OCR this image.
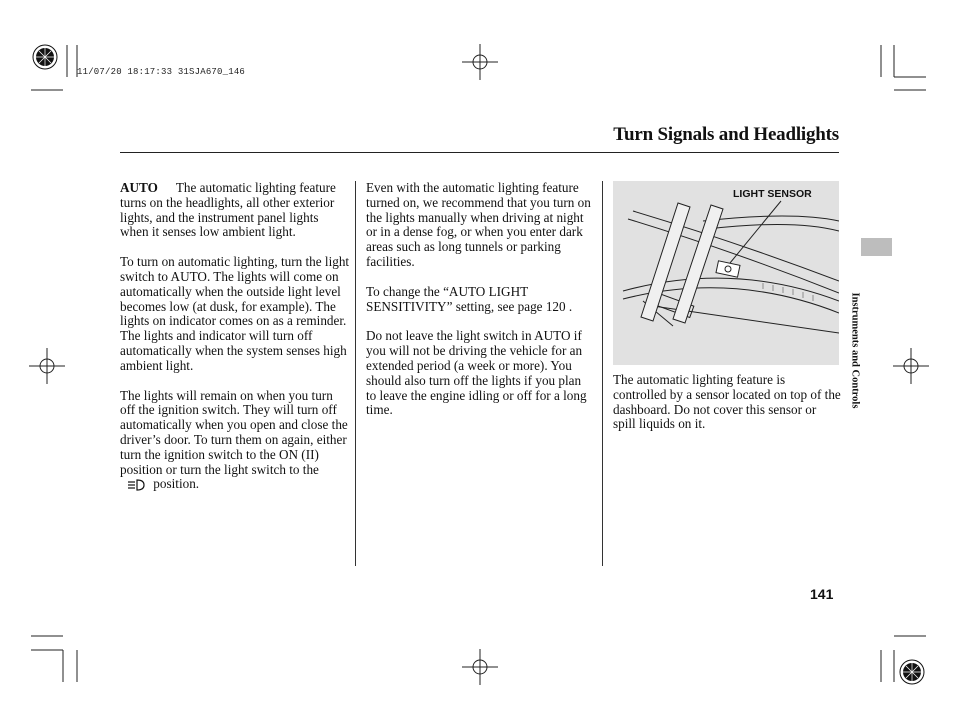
11/07/20 18:17:33 31SJA670_146
Turn Signals and Headlights

AUTO The automatic lighting feature turns on the headlights, all other exterior lights, and the instrument panel lights when it senses low ambient light.

To turn on automatic lighting, turn the light switch to AUTO. The lights will come on automatically when the outside light level becomes low (at dusk, for example). The lights on indicator comes on as a reminder. The lights and indicator will turn off automatically when the system senses high ambient light.

The lights will remain on when you turn off the ignition switch. They will turn off automatically when you open and close the driver’s door. To turn them on again, either turn the ignition switch to the ON (II) position or turn the light switch to the  position.

Even with the automatic lighting feature turned on, we recommend that you turn on the lights manually when driving at night or in a dense fog, or when you enter dark areas such as long tunnels or parking facilities.

To change the “AUTO LIGHT SENSITIVITY” setting, see page 120 .

Do not leave the light switch in AUTO if you will not be driving the vehicle for an extended period (a week or more). You should also turn off the lights if you plan to leave the engine idling or off for a long time.

LIGHT SENSOR

The automatic lighting feature is controlled by a sensor located on top of the dashboard. Do not cover this sensor or spill liquids on it.

Instruments and Controls
141
